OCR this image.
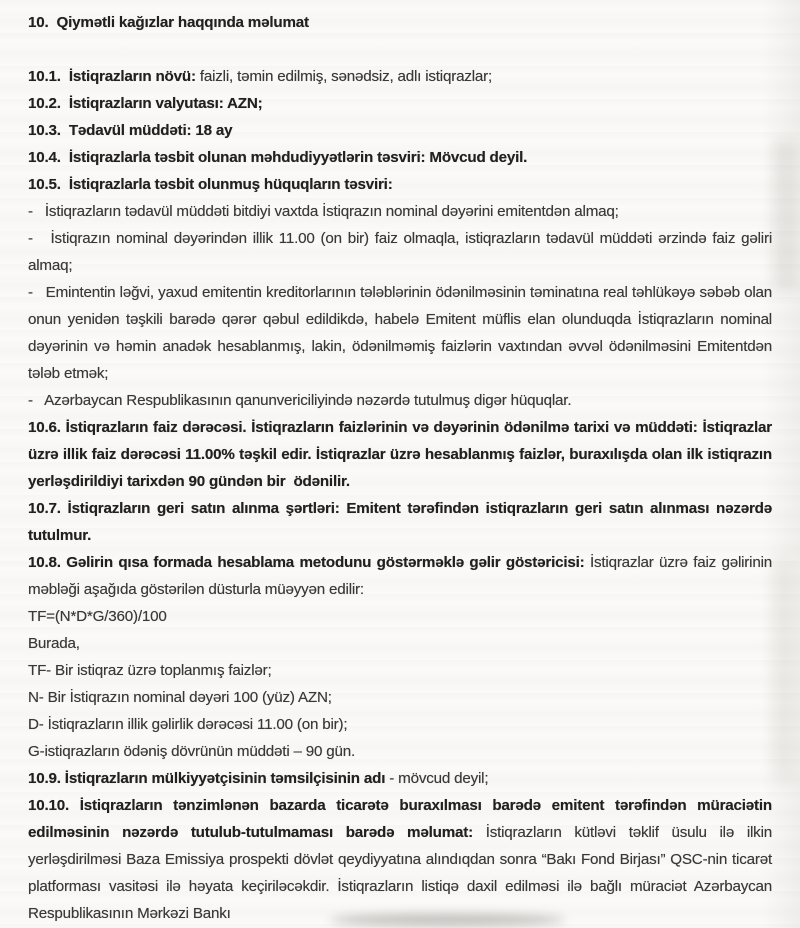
10.  Qiymətli kağızlar haqqında məlumat

10.1.  İstiqrazların növü: faizli, təmin edilmiş, sənədsiz, adlı istiqrazlar;

10.2.  İstiqrazların valyutası: AZN;

10.3.  Tədavül müddəti: 18 ay

10.4.  İstiqrazlarla təsbit olunan məhdudiyyətlərin təsviri: Mövcud deyil.

10.5.  İstiqrazlarla təsbit olunmuş hüquqların təsviri:

-   İstiqrazların tədavül müddəti bitdiyi vaxtda İstiqrazın nominal dəyərini emitentdən almaq;

-   İstiqrazın nominal dəyərindən illik 11.00 (on bir) faiz olmaqla, istiqrazların tədavül müddəti ərzində faiz gəliri almaq;

-   Emintentin ləğvi, yaxud emitentin kreditorlarının tələblərinin ödənilməsinin təminatına real təhlükəyə səbəb olan onun yenidən təşkili barədə qərər qəbul edildikdə, habelə Emitent müflis elan olunduqda İstiqrazların nominal dəyərinin və həmin anadək hesablanmış, lakin, ödənilməmiş faizlərin vaxtından əvvəl ödənilməsini Emitentdən tələb etmək;

-   Azərbaycan Respublikasının qanunvericiliyində nəzərdə tutulmuş digər hüquqlar.

10.6. İstiqrazların faiz dərəcəsi. İstiqrazların faizlərinin və dəyərinin ödənilmə tarixi və müddəti: İstiqrazlar üzrə illik faiz dərəcəsi 11.00% təşkil edir. İstiqrazlar üzrə hesablanmış faizlər, buraxılışda olan ilk istiqrazın yerləşdirildiyi tarixdən 90 gündən bir  ödənilir.

10.7. İstiqrazların geri satın alınma şərtləri: Emitent tərəfindən istiqrazların geri satın alınması nəzərdə tutulmur.

10.8. Gəlirin qısa formada hesablama metodunu göstərməklə gəlir göstəricisi: İstiqrazlar üzrə faiz gəlirinin məbləği aşağıda göstərilən düsturla müəyyən edilir:

TF=(N*D*G/360)/100

Burada,

TF- Bir istiqraz üzrə toplanmış faizlər;

N- Bir İstiqrazın nominal dəyəri 100 (yüz) AZN;

D- İstiqrazların illik gəlirlik dərəcəsi 11.00 (on bir);

G-istiqrazların ödəniş dövrünün müddəti – 90 gün.

10.9. İstiqrazların mülkiyyətçisinin təmsilçisinin adı - mövcud deyil;

10.10. İstiqrazların tənzimlənən bazarda ticarətə buraxılması barədə emitent tərəfindən müraciətin edilməsinin nəzərdə tutulub-tutulmaması barədə məlumat: İstiqrazların kütləvi təklif üsulu ilə ilkin yerləşdirilməsi Baza Emissiya prospekti dövlət qeydiyyatına alındıqdan sonra “Bakı Fond Birjası” QSC-nin ticarət platforması vasitəsi ilə həyata keçiriləcəkdir. İstiqrazların listiqə daxil edilməsi ilə bağlı müraciət Azərbaycan Respublikasının Mərkəzi Bankı
